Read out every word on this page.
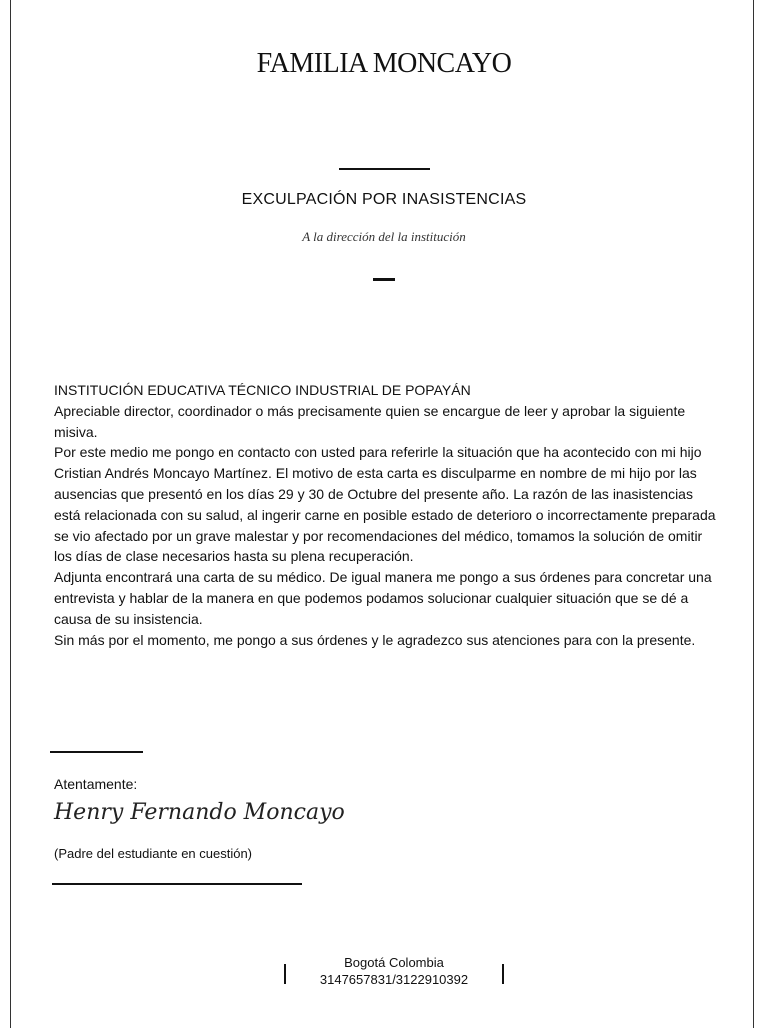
FAMILIA MONCAYO
EXCULPACIÓN POR INASISTENCIAS
A la dirección del la institución

INSTITUCIÓN EDUCATIVA TÉCNICO INDUSTRIAL DE POPAYÁN

Apreciable director, coordinador o más precisamente quien se encargue de leer y aprobar la siguiente misiva.

Por este medio me pongo en contacto con usted para referirle la situación que ha acontecido con mi hijo Cristian Andrés Moncayo Martínez. El motivo de esta carta es disculparme en nombre de mi hijo por las ausencias que presentó en los días 29 y 30 de Octubre del presente año. La razón de las inasistencias está relacionada con su salud, al ingerir carne en posible estado de deterioro o incorrectamente preparada se vio afectado por un grave malestar y por recomendaciones del médico, tomamos la solución de omitir los días de clase necesarios hasta su plena recuperación.

Adjunta encontrará una carta de su médico. De igual manera me pongo a sus órdenes para concretar una entrevista y hablar de la manera en que podemos podamos solucionar cualquier situación que se dé a causa de su insistencia.

Sin más por el momento, me pongo a sus órdenes y le agradezco sus atenciones para con la presente.

Atentamente:
Henry Fernando Moncayo
(Padre del estudiante en cuestión)
Bogotá Colombia
3147657831/3122910392
